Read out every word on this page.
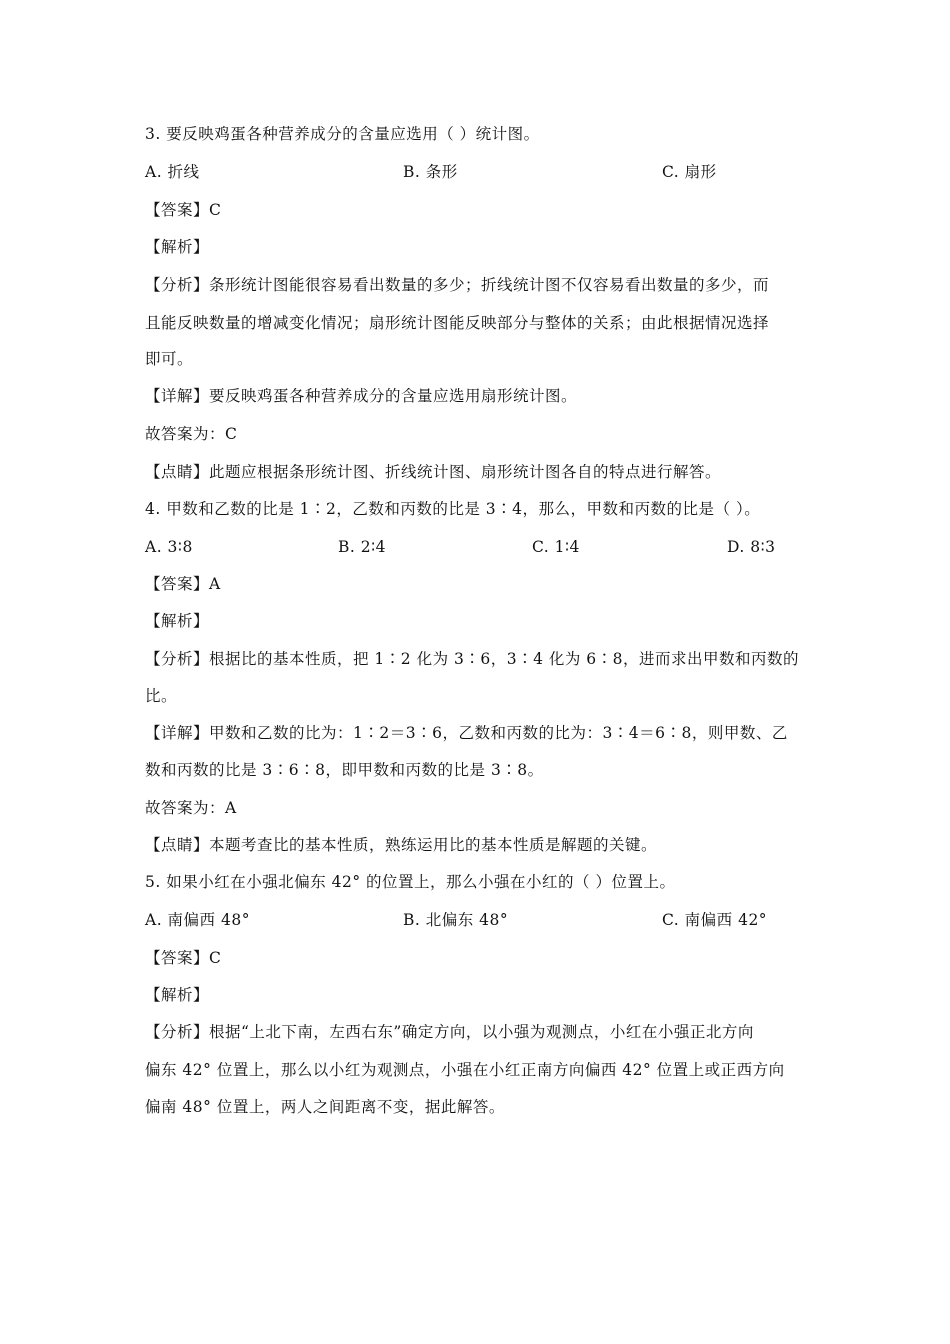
3. 要反映鸡蛋各种营养成分的含量应选用（ ）统计图。
A. 折线	B. 条形	C. 扇形
【答案】C
【解析】
【分析】条形统计图能很容易看出数量的多少；折线统计图不仅容易看出数量的多少，而
且能反映数量的增减变化情况；扇形统计图能反映部分与整体的关系；由此根据情况选择
即可。
【详解】要反映鸡蛋各种营养成分的含量应选用扇形统计图。
故答案为：C
【点睛】此题应根据条形统计图、折线统计图、扇形统计图各自的特点进行解答。
4. 甲数和乙数的比是 1∶2，乙数和丙数的比是 3∶4，那么，甲数和丙数的比是（ ）。
A. 3∶8	B. 2∶4	C. 1∶4	D. 8∶3
【答案】A
【解析】
【分析】根据比的基本性质，把 1∶2 化为 3∶6，3∶4 化为 6∶8，进而求出甲数和丙数的
比。
【详解】甲数和乙数的比为：1∶2＝3∶6，乙数和丙数的比为：3∶4＝6∶8，则甲数、乙
数和丙数的比是 3∶6∶8，即甲数和丙数的比是 3∶8。
故答案为：A
【点睛】本题考查比的基本性质，熟练运用比的基本性质是解题的关键。
5. 如果小红在小强北偏东 42° 的位置上，那么小强在小红的（ ）位置上。
A. 南偏西 48°	B. 北偏东 48°	C. 南偏西 42°
【答案】C
【解析】
【分析】根据“上北下南，左西右东”确定方向，以小强为观测点，小红在小强正北方向
偏东 42° 位置上，那么以小红为观测点，小强在小红正南方向偏西 42° 位置上或正西方向
偏南 48° 位置上，两人之间距离不变，据此解答。
